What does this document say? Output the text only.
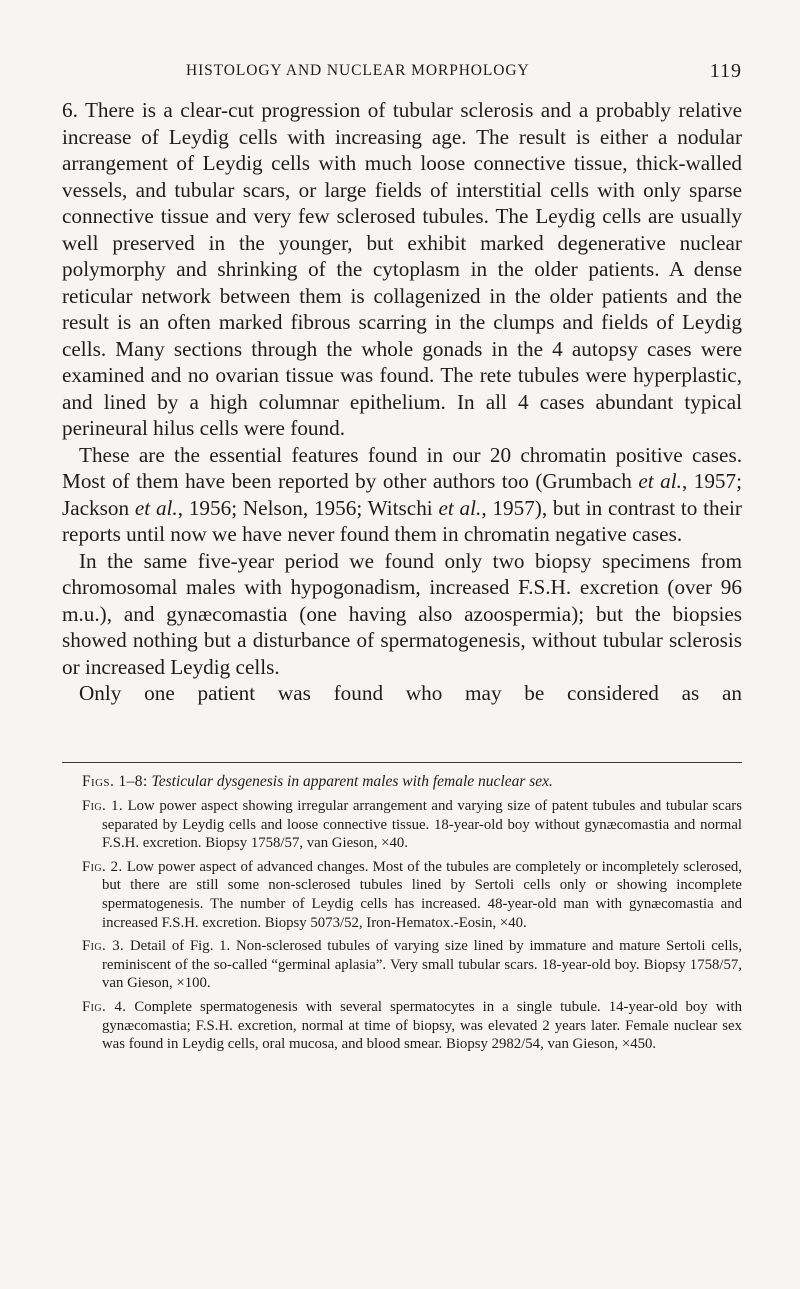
HISTOLOGY AND NUCLEAR MORPHOLOGY	119

6. There is a clear-cut progression of tubular sclerosis and a probably relative increase of Leydig cells with increasing age. The result is either a nodular arrangement of Leydig cells with much loose connective tissue, thick-walled vessels, and tubular scars, or large fields of interstitial cells with only sparse connective tissue and very few sclerosed tubules. The Leydig cells are usually well preserved in the younger, but exhibit marked degenerative nuclear polymorphy and shrinking of the cytoplasm in the older patients. A dense reticular network between them is collagenized in the older patients and the result is an often marked fibrous scarring in the clumps and fields of Leydig cells. Many sections through the whole gonads in the 4 autopsy cases were examined and no ovarian tissue was found. The rete tubules were hyperplastic, and lined by a high columnar epithelium. In all 4 cases abundant typical perineural hilus cells were found.

These are the essential features found in our 20 chromatin positive cases. Most of them have been reported by other authors too (Grumbach et al., 1957; Jackson et al., 1956; Nelson, 1956; Witschi et al., 1957), but in contrast to their reports until now we have never found them in chromatin negative cases.

In the same five-year period we found only two biopsy specimens from chromosomal males with hypogonadism, increased F.S.H. excretion (over 96 m.u.), and gynæcomastia (one having also azoospermia); but the biopsies showed nothing but a disturbance of spermatogenesis, without tubular sclerosis or increased Leydig cells.

Only one patient was found who may be considered as an

Figs. 1–8: Testicular dysgenesis in apparent males with female nuclear sex.

Fig. 1. Low power aspect showing irregular arrangement and varying size of patent tubules and tubular scars separated by Leydig cells and loose connective tissue. 18-year-old boy without gynæcomastia and normal F.S.H. excretion. Biopsy 1758/57, van Gieson, ×40.

Fig. 2. Low power aspect of advanced changes. Most of the tubules are completely or incompletely sclerosed, but there are still some non-sclerosed tubules lined by Sertoli cells only or showing incomplete spermatogenesis. The number of Leydig cells has increased. 48-year-old man with gynæcomastia and increased F.S.H. excretion. Biopsy 5073/52, Iron-Hematox.-Eosin, ×40.

Fig. 3. Detail of Fig. 1. Non-sclerosed tubules of varying size lined by immature and mature Sertoli cells, reminiscent of the so-called “germinal aplasia”. Very small tubular scars. 18-year-old boy. Biopsy 1758/57, van Gieson, ×100.

Fig. 4. Complete spermatogenesis with several spermatocytes in a single tubule. 14-year-old boy with gynæcomastia; F.S.H. excretion, normal at time of biopsy, was elevated 2 years later. Female nuclear sex was found in Leydig cells, oral mucosa, and blood smear. Biopsy 2982/54, van Gieson, ×450.
